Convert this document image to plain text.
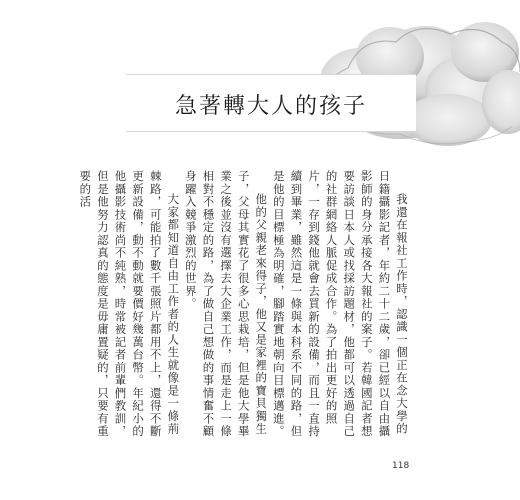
急著轉大人的孩子

我還在報社工作時，認識一個正在念大學的日籍攝影記者，年約二十二歲，卻已經以自由攝影師的身分承接各大報社的案子。若韓國記者想要訪談日本人或找採訪題材，他都可以透過自己的社群網絡人脈促成合作。為了拍出更好的照片，一存到錢他就會去買新的設備，而且一直持續到畢業，雖然這是一條與本科系不同的路，但是他的目標極為明確，腳踏實地朝向目標邁進。

他的父親老來得子，他又是家裡的寶貝獨生子，父母其實花了很多心思栽培，但是他大學畢業之後並沒有選擇去大企業工作，而是走上一條相對不穩定的路，為了做自己想做的事情奮不顧身躍入競爭激烈的世界。

大家都知道自由工作者的人生就像是一條荊棘路，可能拍了數千張照片都用不上，還得不斷更新設備，動不動就要價好幾萬台幣。年紀小的他攝影技術尚不純熟，時常被記者前輩們教訓，但是他努力認真的態度是毋庸置疑的，只要有重要的活

118
